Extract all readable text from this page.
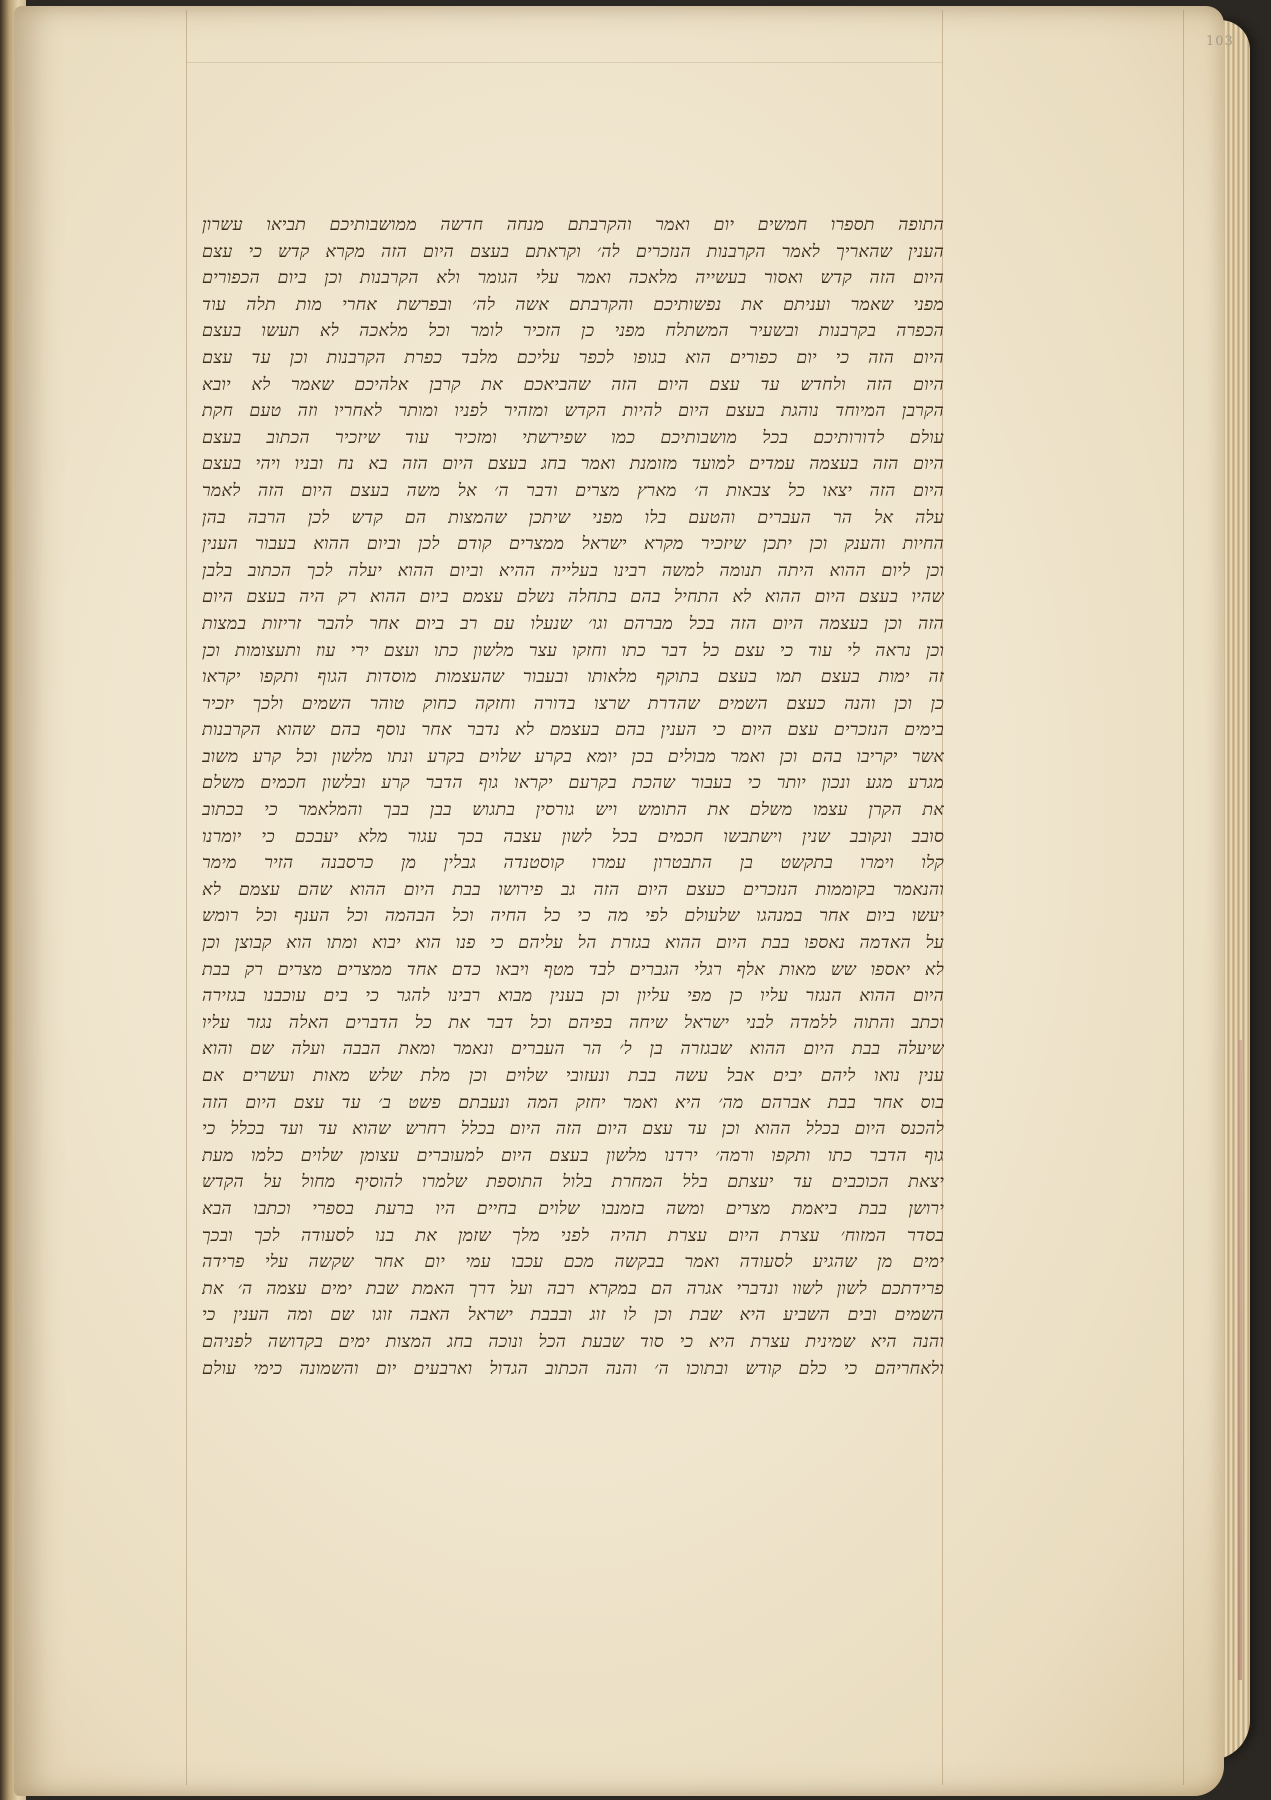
103
התופה תספרו חמשים יום ואמר והקרבתם מנחה חדשה ממושבותיכם תביאו עשרון
הענין שהאריך לאמר הקרבנות הנזכרים לה׳ וקראתם בעצם היום הזה מקרא קדש כי עצם
היום הזה קדש ואסור בעשייה מלאכה ואמר עלי הגומר ולא הקרבנות וכן ביום הכפורים
מפני שאמר ועניתם את נפשותיכם והקרבתם אשה לה׳ ובפרשת אחרי מות תלה עוד
הכפרה בקרבנות ובשעיר המשתלח מפני כן הזכיר לומר וכל מלאכה לא תעשו בעצם
היום הזה כי יום כפורים הוא בגופו לכפר עליכם מלבד כפרת הקרבנות וכן עד עצם
היום הזה ולחדש עד עצם היום הזה שהביאכם את קרבן אלהיכם שאמר לא יובא
הקרבן המיוחד נוהגת בעצם היום להיות הקדש ומזהיר לפניו ומותר לאחריו וזה טעם חקת
עולם לדורותיכם בכל מושבותיכם כמו שפירשתי ומזכיר עוד שיזכיר הכתוב בעצם
היום הזה בעצמה עמדים למועד מזומנת ואמר בחג בעצם היום הזה בא נח ובניו ויהי בעצם
היום הזה יצאו כל צבאות ה׳ מארץ מצרים ודבר ה׳ אל משה בעצם היום הזה לאמר
עלה אל הר העברים והטעם בלו מפני שיתכן שהמצות הם קדש לכן הרבה בהן
החיות והענק וכן יתכן שיזכיר מקרא ישראל ממצרים קודם לכן וביום ההוא בעבור הענין
וכן ליום ההוא היתה תנומה למשה רבינו בעלייה ההיא וביום ההוא יעלה לכך הכתוב בלבן
שהיו בעצם היום ההוא לא התחיל בהם בתחלה נשלם עצמם ביום ההוא רק היה בעצם היום
הזה וכן בעצמה היום הזה בכל מברהם וגו׳ שנעלו עם רב ביום אחר להבר זריזות במצות
וכן נראה לי עוד כי עצם כל דבר כתו וחזקו עצר מלשון כתו ועצם ירי עוז ותעצומות וכן
זה ימות בעצם תמו בעצם בתוקף מלאותו ובעבור שהעצמות מוסדות הגוף ותקפו יקראו
כן וכן והנה כעצם השמים שהדרת שרצו בדורה וחזקה כחוק טוהר השמים ולכך יזכיר
בימים הנזכרים עצם היום כי הענין בהם בעצמם לא נדבר אחר נוסף בהם שהוא הקרבנות
אשר יקריבו בהם וכן ואמר מבולים בכן יומא בקרע שלוים בקרע ונתו מלשון וכל קרע משוב
מגרע מגע ונכון יותר כי בעבור שהכת בקרעם יקראו גוף הדבר קרע ובלשון חכמים משלם
את הקרן עצמו משלם את התומש ויש גורסין בתגוש בבן בבך והמלאמר כי בכתוב
סובב ונקובב שנין וישתבשו חכמים בכל לשון עצבה בכך עגור מלא יעבכם כי יומרנו
קלו וימרו בתקשט בן התבטרון עמרו קוסטנדה גבלין מן כרסבנה הזיר מימר
והנאמר בקוממות הנזכרים כעצם היום הזה גב פירושו בבת היום ההוא שהם עצמם לא
יעשו ביום אחר במנהגו שלעולם לפי מה כי כל החיה וכל הבהמה וכל הענף וכל רומש
על האדמה נאספו בבת היום ההוא בגזרת הל עליהם כי פנו הוא יבוא ומתו הוא קבוצן וכן
לא יאספו שש מאות אלף רגלי הגברים לבד מטף ויבאו כדם אחד ממצרים מצרים רק בבת
היום ההוא הנגזר עליו כן מפי עליון וכן בענין מבוא רבינו להגר כי בים עוכבנו בגזירה
וכתב והתוה ללמדה לבני ישראל שיחה בפיהם וכל דבר את כל הדברים האלה נגזר עליו
שיעלה בבת היום ההוא שבגזרה בן ל׳ הר העברים ונאמר ומאת הבבה ועלה שם והוא
ענין נואו ליהם יבים אבל עשה בבת ונעזובי שלוים וכן מלת שלש מאות ועשרים אם
בוס אחר בבת אברהם מה׳ היא ואמר יחזק המה ונעבתם פשט ב׳ עד עצם היום הזה
להכנס היום בכלל ההוא וכן עד עצם היום הזה היום בכלל רחרש שהוא עד ועד בכלל כי
גוף הדבר כתו ותקפו ורמה׳ ירדנו מלשון בעצם היום למעוברים עצומן שלוים כלמו מעת
יצאת הכוכבים עד יעצתם בלל המחרת בלול התוספת שלמרו להוסיף מחול על הקדש
ירושן בבת ביאמת מצרים ומשה בזמנבו שלוים בחיים היו ברעת בספרי וכתבו הבא
בסדר המזוח׳ עצרת היום עצרת תהיה לפני מלך שזמן את בנו לסעודה לכך ובכך
ימים מן שהגיע לסעודה ואמר בבקשה מכם עכבו עמי יום אחר שקשה עלי פרידה
פרידתכם לשון לשוו ונדברי אגרה הם במקרא רבה ועל דרך האמת שבת ימים עצמה ה׳ את
השמים ובים השביע היא שבת וכן לו זוג ובבבת ישראל האבה זוגו שם ומה הענין כי
והנה היא שמינית עצרת היא כי סוד שבעת הכל ונוכה בחג המצות ימים בקדושה לפניהם
ולאחריהם כי כלם קודש ובתוכו ה׳ והנה הכתוב הגדול וארבעים יום והשמונה כימי עולם
